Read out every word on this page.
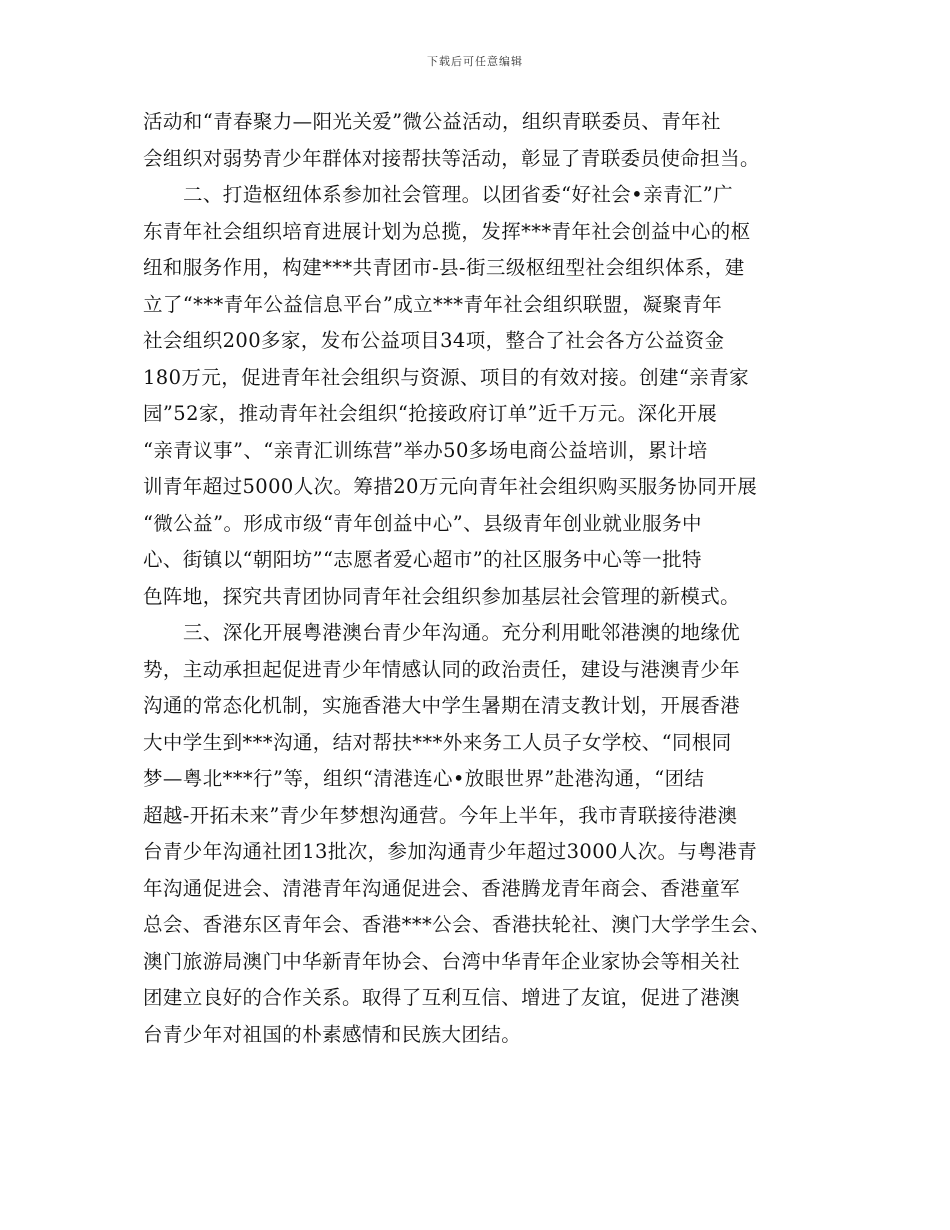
下载后可任意编辑
活动和“青春聚力—阳光关爱”微公益活动，组织青联委员、青年社
会组织对弱势青少年群体对接帮扶等活动，彰显了青联委员使命担当。
二、打造枢纽体系参加社会管理。以团省委“好社会•亲青汇”广
东青年社会组织培育进展计划为总揽，发挥***青年社会创益中心的枢
纽和服务作用，构建***共青团市-县-街三级枢纽型社会组织体系，建
立了“***青年公益信息平台”成立***青年社会组织联盟，凝聚青年
社会组织200多家，发布公益项目34项，整合了社会各方公益资金
180万元，促进青年社会组织与资源、项目的有效对接。创建“亲青家
园”52家，推动青年社会组织“抢接政府订单”近千万元。深化开展
“亲青议事”、“亲青汇训练营”举办50多场电商公益培训，累计培
训青年超过5000人次。筹措20万元向青年社会组织购买服务协同开展
“微公益”。形成市级“青年创益中心”、县级青年创业就业服务中
心、街镇以“朝阳坊”“志愿者爱心超市”的社区服务中心等一批特
色阵地，探究共青团协同青年社会组织参加基层社会管理的新模式。
三、深化开展粤港澳台青少年沟通。充分利用毗邻港澳的地缘优
势，主动承担起促进青少年情感认同的政治责任，建设与港澳青少年
沟通的常态化机制，实施香港大中学生暑期在清支教计划，开展香港
大中学生到***沟通，结对帮扶***外来务工人员子女学校、“同根同
梦—粤北***行”等，组织“清港连心•放眼世界”赴港沟通，“团结
超越-开拓未来”青少年梦想沟通营。今年上半年，我市青联接待港澳
台青少年沟通社团13批次，参加沟通青少年超过3000人次。与粤港青
年沟通促进会、清港青年沟通促进会、香港腾龙青年商会、香港童军
总会、香港东区青年会、香港***公会、香港扶轮社、澳门大学学生会、
澳门旅游局澳门中华新青年协会、台湾中华青年企业家协会等相关社
团建立良好的合作关系。取得了互利互信、增进了友谊，促进了港澳
台青少年对祖国的朴素感情和民族大团结。
